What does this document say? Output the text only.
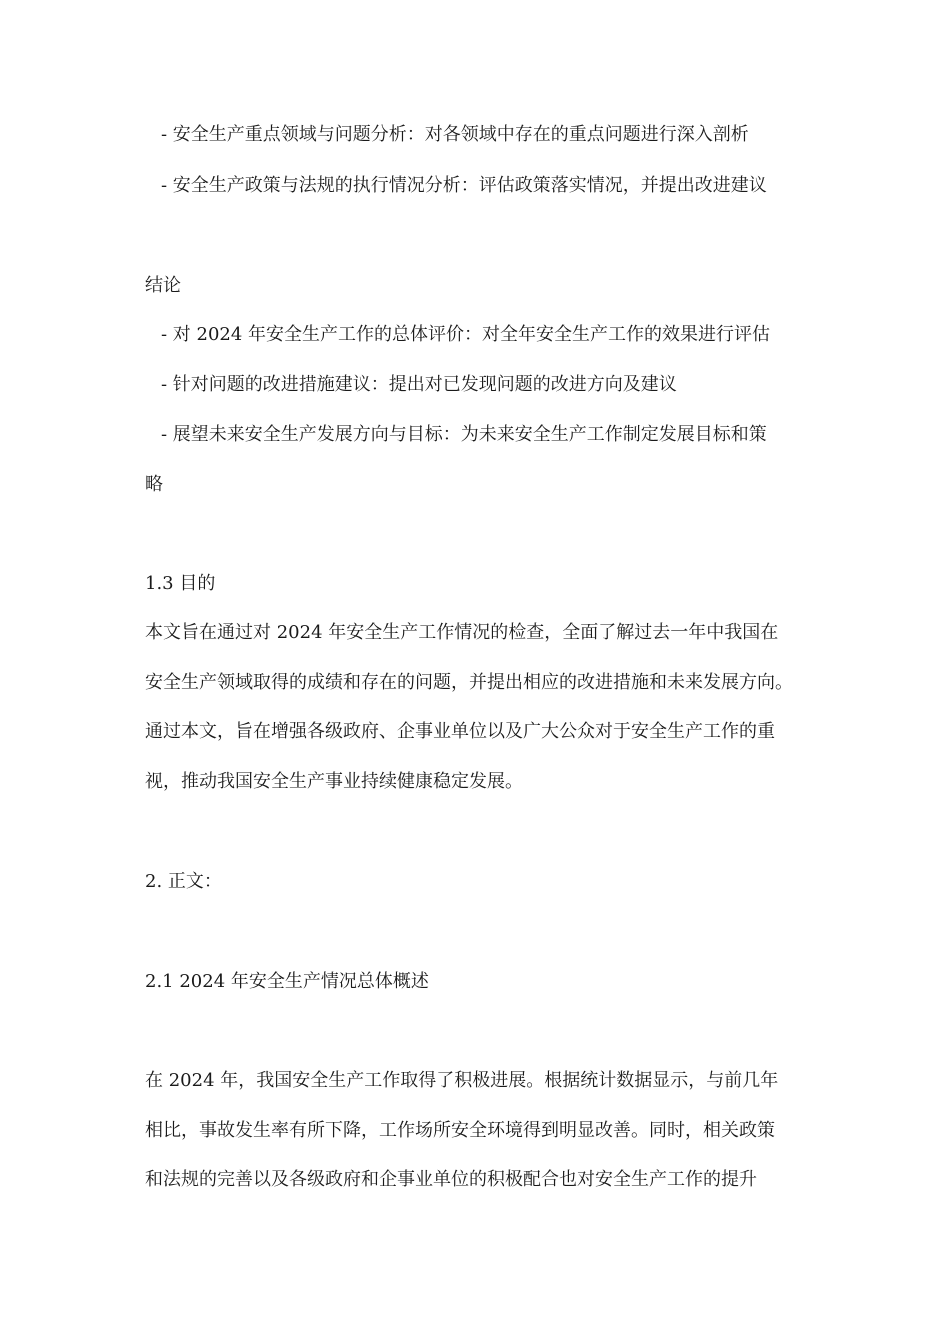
- 安全生产重点领域与问题分析：对各领域中存在的重点问题进行深入剖析
- 安全生产政策与法规的执行情况分析：评估政策落实情况，并提出改进建议
结论
- 对 2024 年安全生产工作的总体评价：对全年安全生产工作的效果进行评估
- 针对问题的改进措施建议：提出对已发现问题的改进方向及建议
- 展望未来安全生产发展方向与目标：为未来安全生产工作制定发展目标和策
略
1.3 目的
本文旨在通过对 2024 年安全生产工作情况的检查，全面了解过去一年中我国在
安全生产领域取得的成绩和存在的问题，并提出相应的改进措施和未来发展方向。
通过本文，旨在增强各级政府、企事业单位以及广大公众对于安全生产工作的重
视，推动我国安全生产事业持续健康稳定发展。
2. 正文：
2.1 2024 年安全生产情况总体概述
在 2024 年，我国安全生产工作取得了积极进展。根据统计数据显示，与前几年
相比，事故发生率有所下降，工作场所安全环境得到明显改善。同时，相关政策
和法规的完善以及各级政府和企事业单位的积极配合也对安全生产工作的提升
